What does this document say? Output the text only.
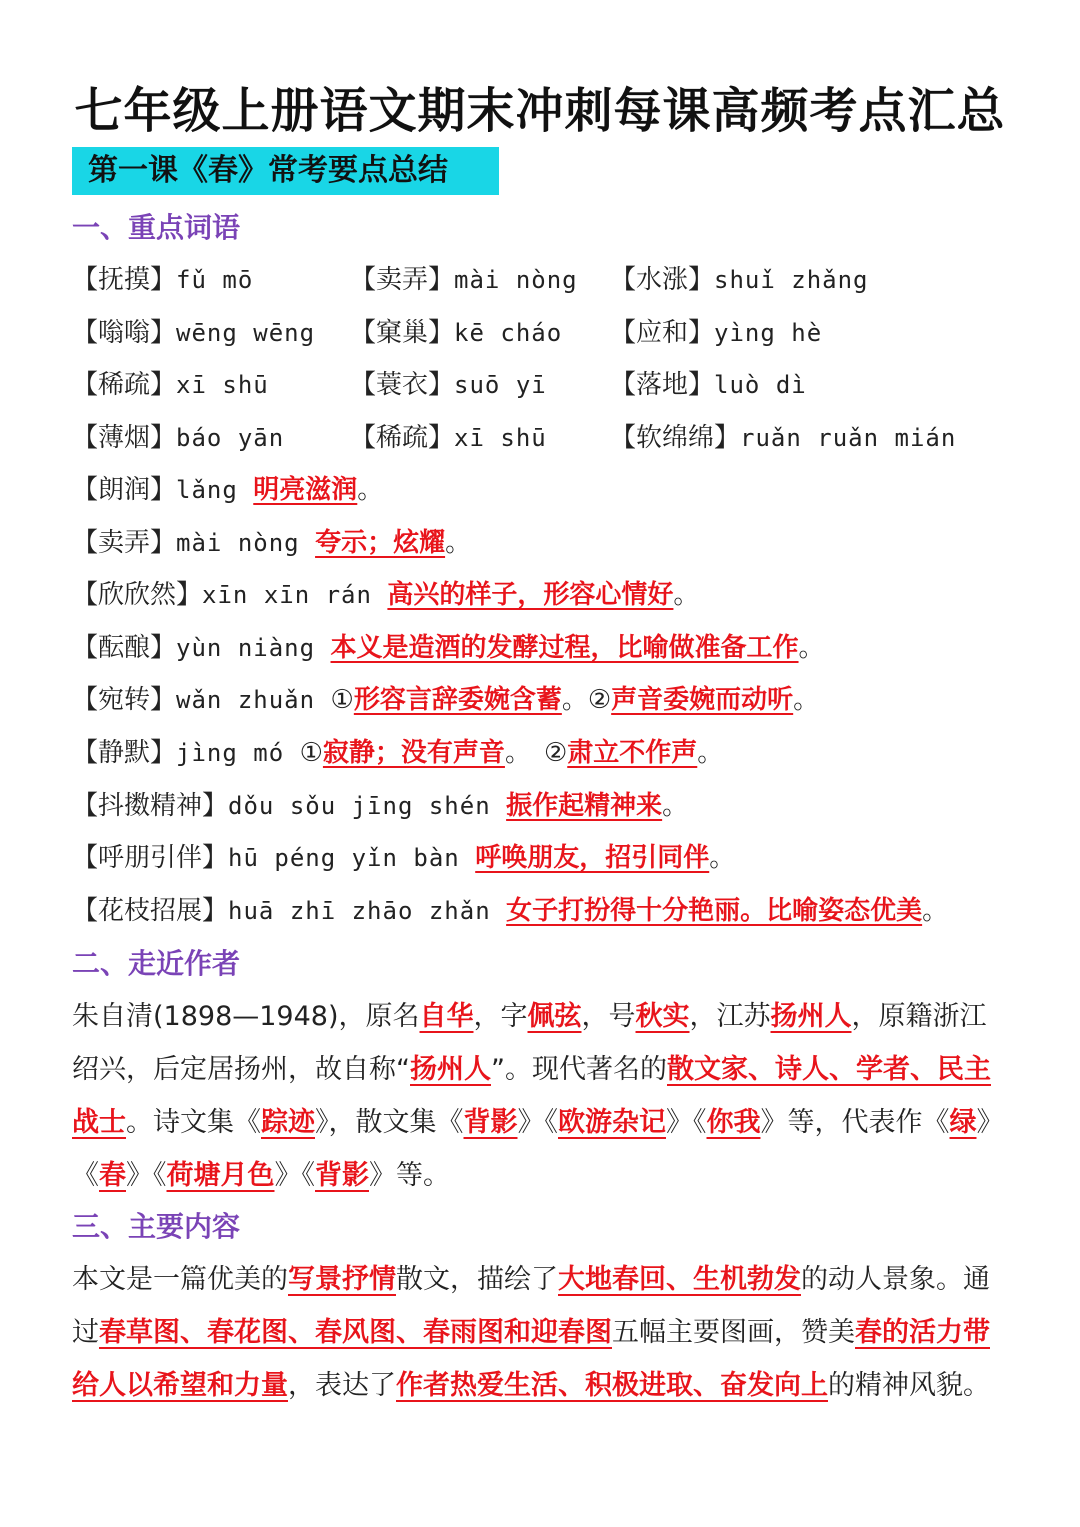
七年级上册语文期末冲刺每课高频考点汇总
第一课《春》常考要点总结
一、重点词语
【抚摸】fǔ mō	【卖弄】mài nòng 【水涨】shuǐ zhǎng
【嗡嗡】wēng wēng 【窠巢】kē cháo 【应和】yìng hè
【稀疏】xī shū	【蓑衣】suō yī 【落地】luò dì
【薄烟】báo yān	【稀疏】xī shū 【软绵绵】ruǎn ruǎn mián
【朗润】lǎng 明亮滋润。
【卖弄】mài nòng 夸示；炫耀。
【欣欣然】xīn xīn rán 高兴的样子，形容心情好。
【酝酿】yùn niàng 本义是造酒的发酵过程，比喻做准备工作。
【宛转】wǎn zhuǎn ①形容言辞委婉含蓄。②声音委婉而动听。
【静默】jìng mó ①寂静；没有声音。　②肃立不作声。
【抖擞精神】dǒu sǒu jīng shén 振作起精神来。
【呼朋引伴】hū péng yǐn bàn 呼唤朋友，招引同伴。
【花枝招展】huā zhī zhāo zhǎn 女子打扮得十分艳丽。比喻姿态优美。
二、走近作者
朱自清(1898—1948)，原名自华，字佩弦，号秋实，江苏扬州人，原籍浙江绍兴，后定居扬州，故自称“扬州人”。现代著名的散文家、诗人、学者、民主战士。诗文集《踪迹》，散文集《背影》《欧游杂记》《你我》等，代表作《绿》《春》《荷塘月色》《背影》等。
三、主要内容
本文是一篇优美的写景抒情散文，描绘了大地春回、生机勃发的动人景象。通过春草图、春花图、春风图、春雨图和迎春图五幅主要图画，赞美春的活力带给人以希望和力量，表达了作者热爱生活、积极进取、奋发向上的精神风貌。
